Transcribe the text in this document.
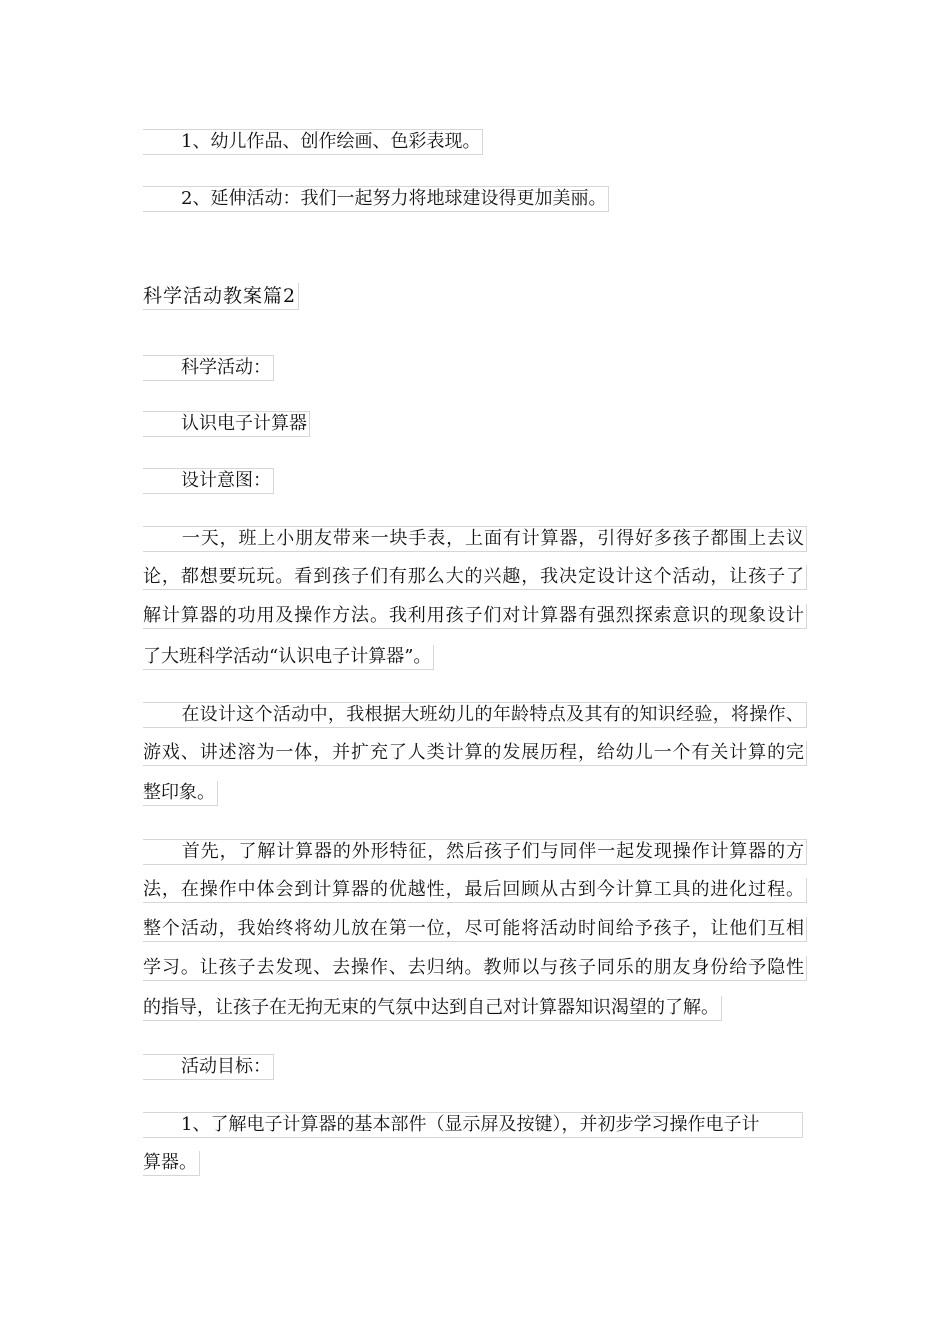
1、幼儿作品、创作绘画、色彩表现。
2、延伸活动：我们一起努力将地球建设得更加美丽。
科学活动教案篇2
科学活动：
认识电子计算器
设计意图：
一天，班上小朋友带来一块手表，上面有计算器，引得好多孩子都围上去议
论，都想要玩玩。看到孩子们有那么大的兴趣，我决定设计这个活动，让孩子了
解计算器的功用及操作方法。我利用孩子们对计算器有强烈探索意识的现象设计
了大班科学活动“认识电子计算器”。
在设计这个活动中，我根据大班幼儿的年龄特点及其有的知识经验，将操作、
游戏、讲述溶为一体，并扩充了人类计算的发展历程，给幼儿一个有关计算的完
整印象。
首先，了解计算器的外形特征，然后孩子们与同伴一起发现操作计算器的方
法，在操作中体会到计算器的优越性，最后回顾从古到今计算工具的进化过程。
整个活动，我始终将幼儿放在第一位，尽可能将活动时间给予孩子，让他们互相
学习。让孩子去发现、去操作、去归纳。教师以与孩子同乐的朋友身份给予隐性
的指导，让孩子在无拘无束的气氛中达到自己对计算器知识渴望的了解。
活动目标：
1、了解电子计算器的基本部件（显示屏及按键），并初步学习操作电子计
算器。
